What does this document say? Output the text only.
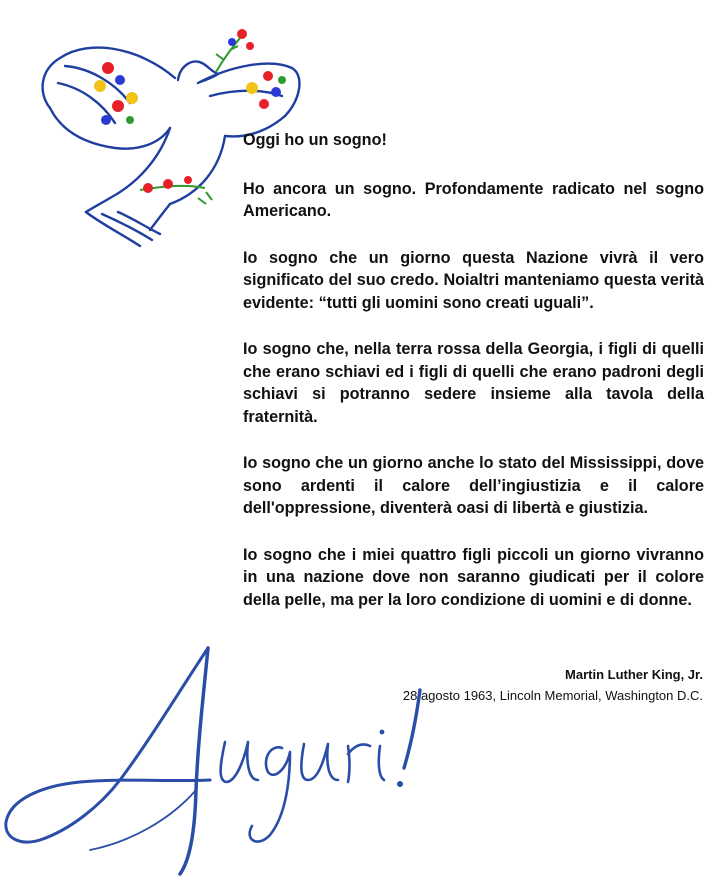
Oggi ho un sogno!

Ho ancora un sogno. Profondamente radicato nel sogno Americano.

Io sogno che un giorno questa Nazione vivrà il vero significato del suo credo. Noialtri manteniamo questa verità evidente: “tutti gli uomini sono creati uguali”.

Io sogno che, nella terra rossa della Georgia, i figli di quelli che erano schiavi ed i figli di quelli che erano padroni degli schiavi si potranno sedere insieme alla tavola della fraternità.

Io sogno che un giorno anche lo stato del Mississippi, dove sono ardenti il calore dell’ingiustizia e il calore dell'oppressione, diventerà oasi di libertà e giustizia.

Io sogno che i miei quattro figli piccoli un giorno vivranno in una nazione dove non saranno giudicati per il colore della pelle, ma per la loro condizione di uomini e di donne.

Martin Luther King, Jr.
28 agosto 1963, Lincoln Memorial, Washington D.C.
